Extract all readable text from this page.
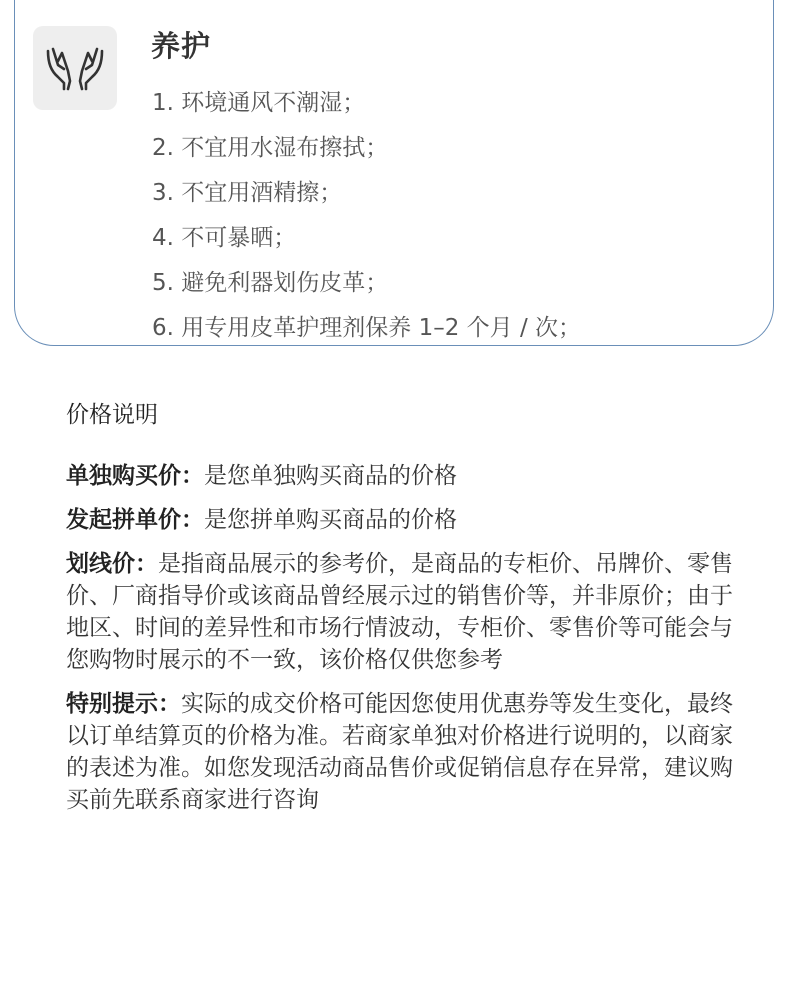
养护
1. 环境通风不潮湿；
2. 不宜用水湿布擦拭；
3. 不宜用酒精擦；
4. 不可暴晒；
5. 避免利器划伤皮革；
6. 用专用皮革护理剂保养 1–2 个月 / 次；
价格说明

单独购买价：是您单独购买商品的价格

发起拼单价：是您拼单购买商品的价格

划线价：是指商品展示的参考价，是商品的专柜价、吊牌价、零售价、厂商指导价或该商品曾经展示过的销售价等，并非原价；由于地区、时间的差异性和市场行情波动，专柜价、零售价等可能会与您购物时展示的不一致，该价格仅供您参考

特别提示：实际的成交价格可能因您使用优惠券等发生变化，最终以订单结算页的价格为准。若商家单独对价格进行说明的，以商家的表述为准。如您发现活动商品售价或促销信息存在异常，建议购买前先联系商家进行咨询
